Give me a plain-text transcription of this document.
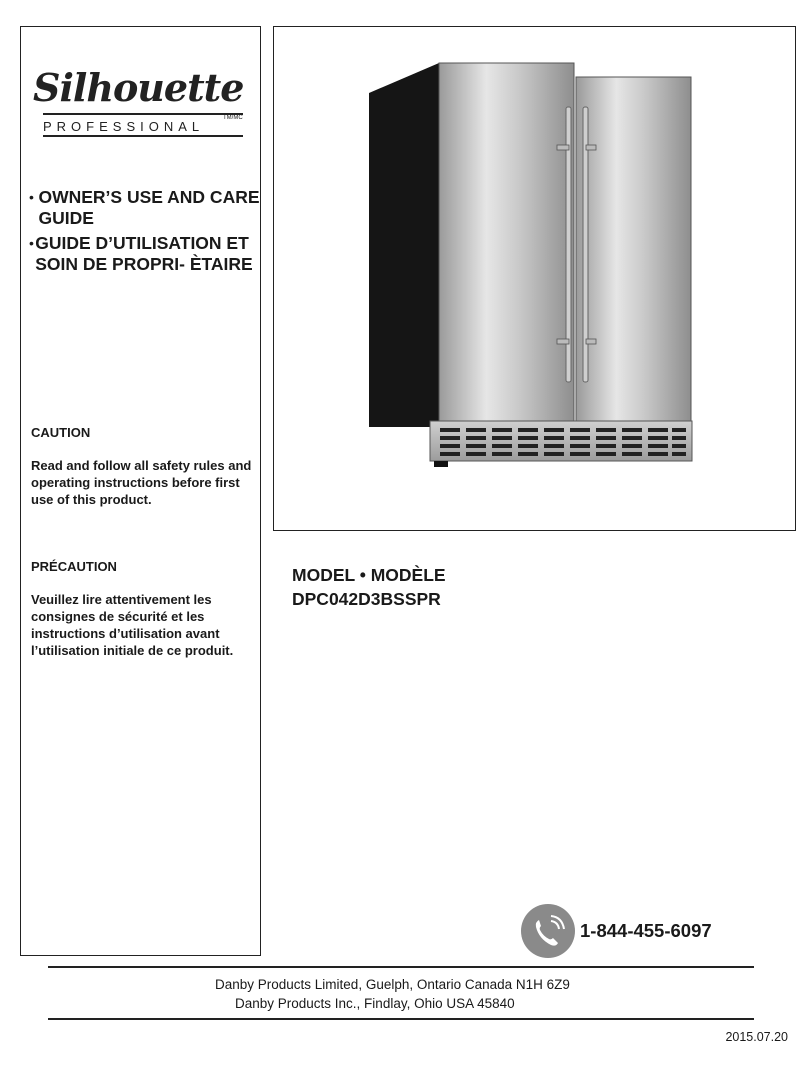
Silhouette
PROFESSIONAL
TM/MC
• OWNER’S USE AND CARE GUIDE
• GUIDE D’UTILISATION ET SOIN DE PROPRI- ÈTAIRE
CAUTION
Read and follow all safety rules and operating instructions before first use of this product.
PRÉCAUTION
Veuillez lire attentivement les consignes de sécurité et les instructions d’utilisation avant l’utilisation initiale de ce produit.
MODEL • MODÈLE
DPC042D3BSSPR
1-844-455-6097
Danby Products Limited, Guelph, Ontario Canada N1H 6Z9
Danby Products Inc., Findlay, Ohio USA 45840
2015.07.20
